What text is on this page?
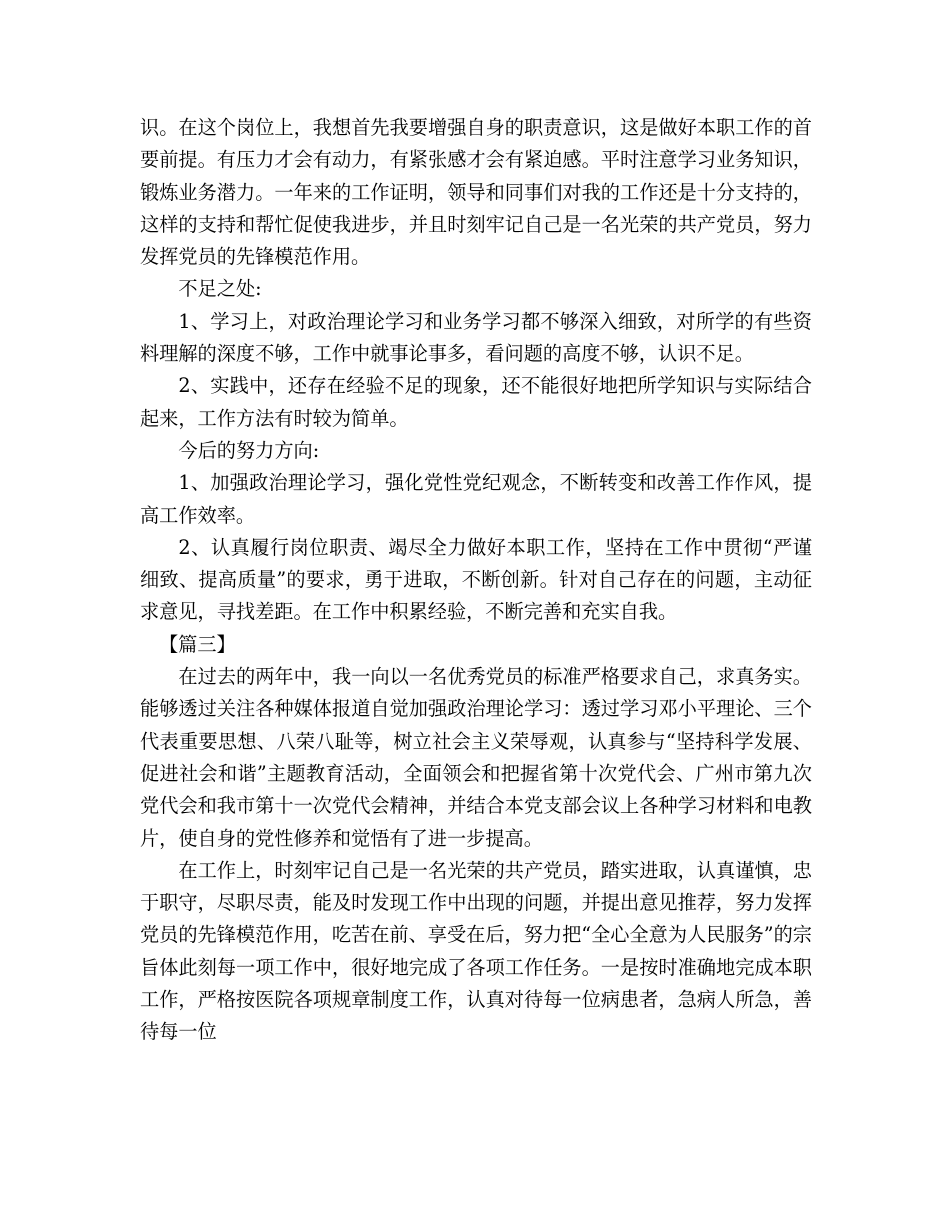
识。在这个岗位上，我想首先我要增强自身的职责意识，这是做好本职工作的首要前提。有压力才会有动力，有紧张感才会有紧迫感。平时注意学习业务知识，锻炼业务潜力。一年来的工作证明，领导和同事们对我的工作还是十分支持的，这样的支持和帮忙促使我进步，并且时刻牢记自己是一名光荣的共产党员，努力发挥党员的先锋模范作用。

不足之处:

1、学习上，对政治理论学习和业务学习都不够深入细致，对所学的有些资料理解的深度不够，工作中就事论事多，看问题的高度不够，认识不足。

2、实践中，还存在经验不足的现象，还不能很好地把所学知识与实际结合起来，工作方法有时较为简单。

今后的努力方向:

1、加强政治理论学习，强化党性党纪观念，不断转变和改善工作作风，提高工作效率。

2、认真履行岗位职责、竭尽全力做好本职工作，坚持在工作中贯彻“严谨细致、提高质量”的要求，勇于进取，不断创新。针对自己存在的问题，主动征求意见，寻找差距。在工作中积累经验，不断完善和充实自我。

【篇三】

在过去的两年中，我一向以一名优秀党员的标准严格要求自己，求真务实。能够透过关注各种媒体报道自觉加强政治理论学习：透过学习邓小平理论、三个代表重要思想、八荣八耻等，树立社会主义荣辱观，认真参与“坚持科学发展、促进社会和谐”主题教育活动，全面领会和把握省第十次党代会、广州市第九次党代会和我市第十一次党代会精神，并结合本党支部会议上各种学习材料和电教片，使自身的党性修养和觉悟有了进一步提高。

在工作上，时刻牢记自己是一名光荣的共产党员，踏实进取，认真谨慎，忠于职守，尽职尽责，能及时发现工作中出现的问题，并提出意见推荐，努力发挥党员的先锋模范作用，吃苦在前、享受在后，努力把“全心全意为人民服务”的宗旨体此刻每一项工作中，很好地完成了各项工作任务。一是按时准确地完成本职工作，严格按医院各项规章制度工作，认真对待每一位病患者，急病人所急，善待每一位
